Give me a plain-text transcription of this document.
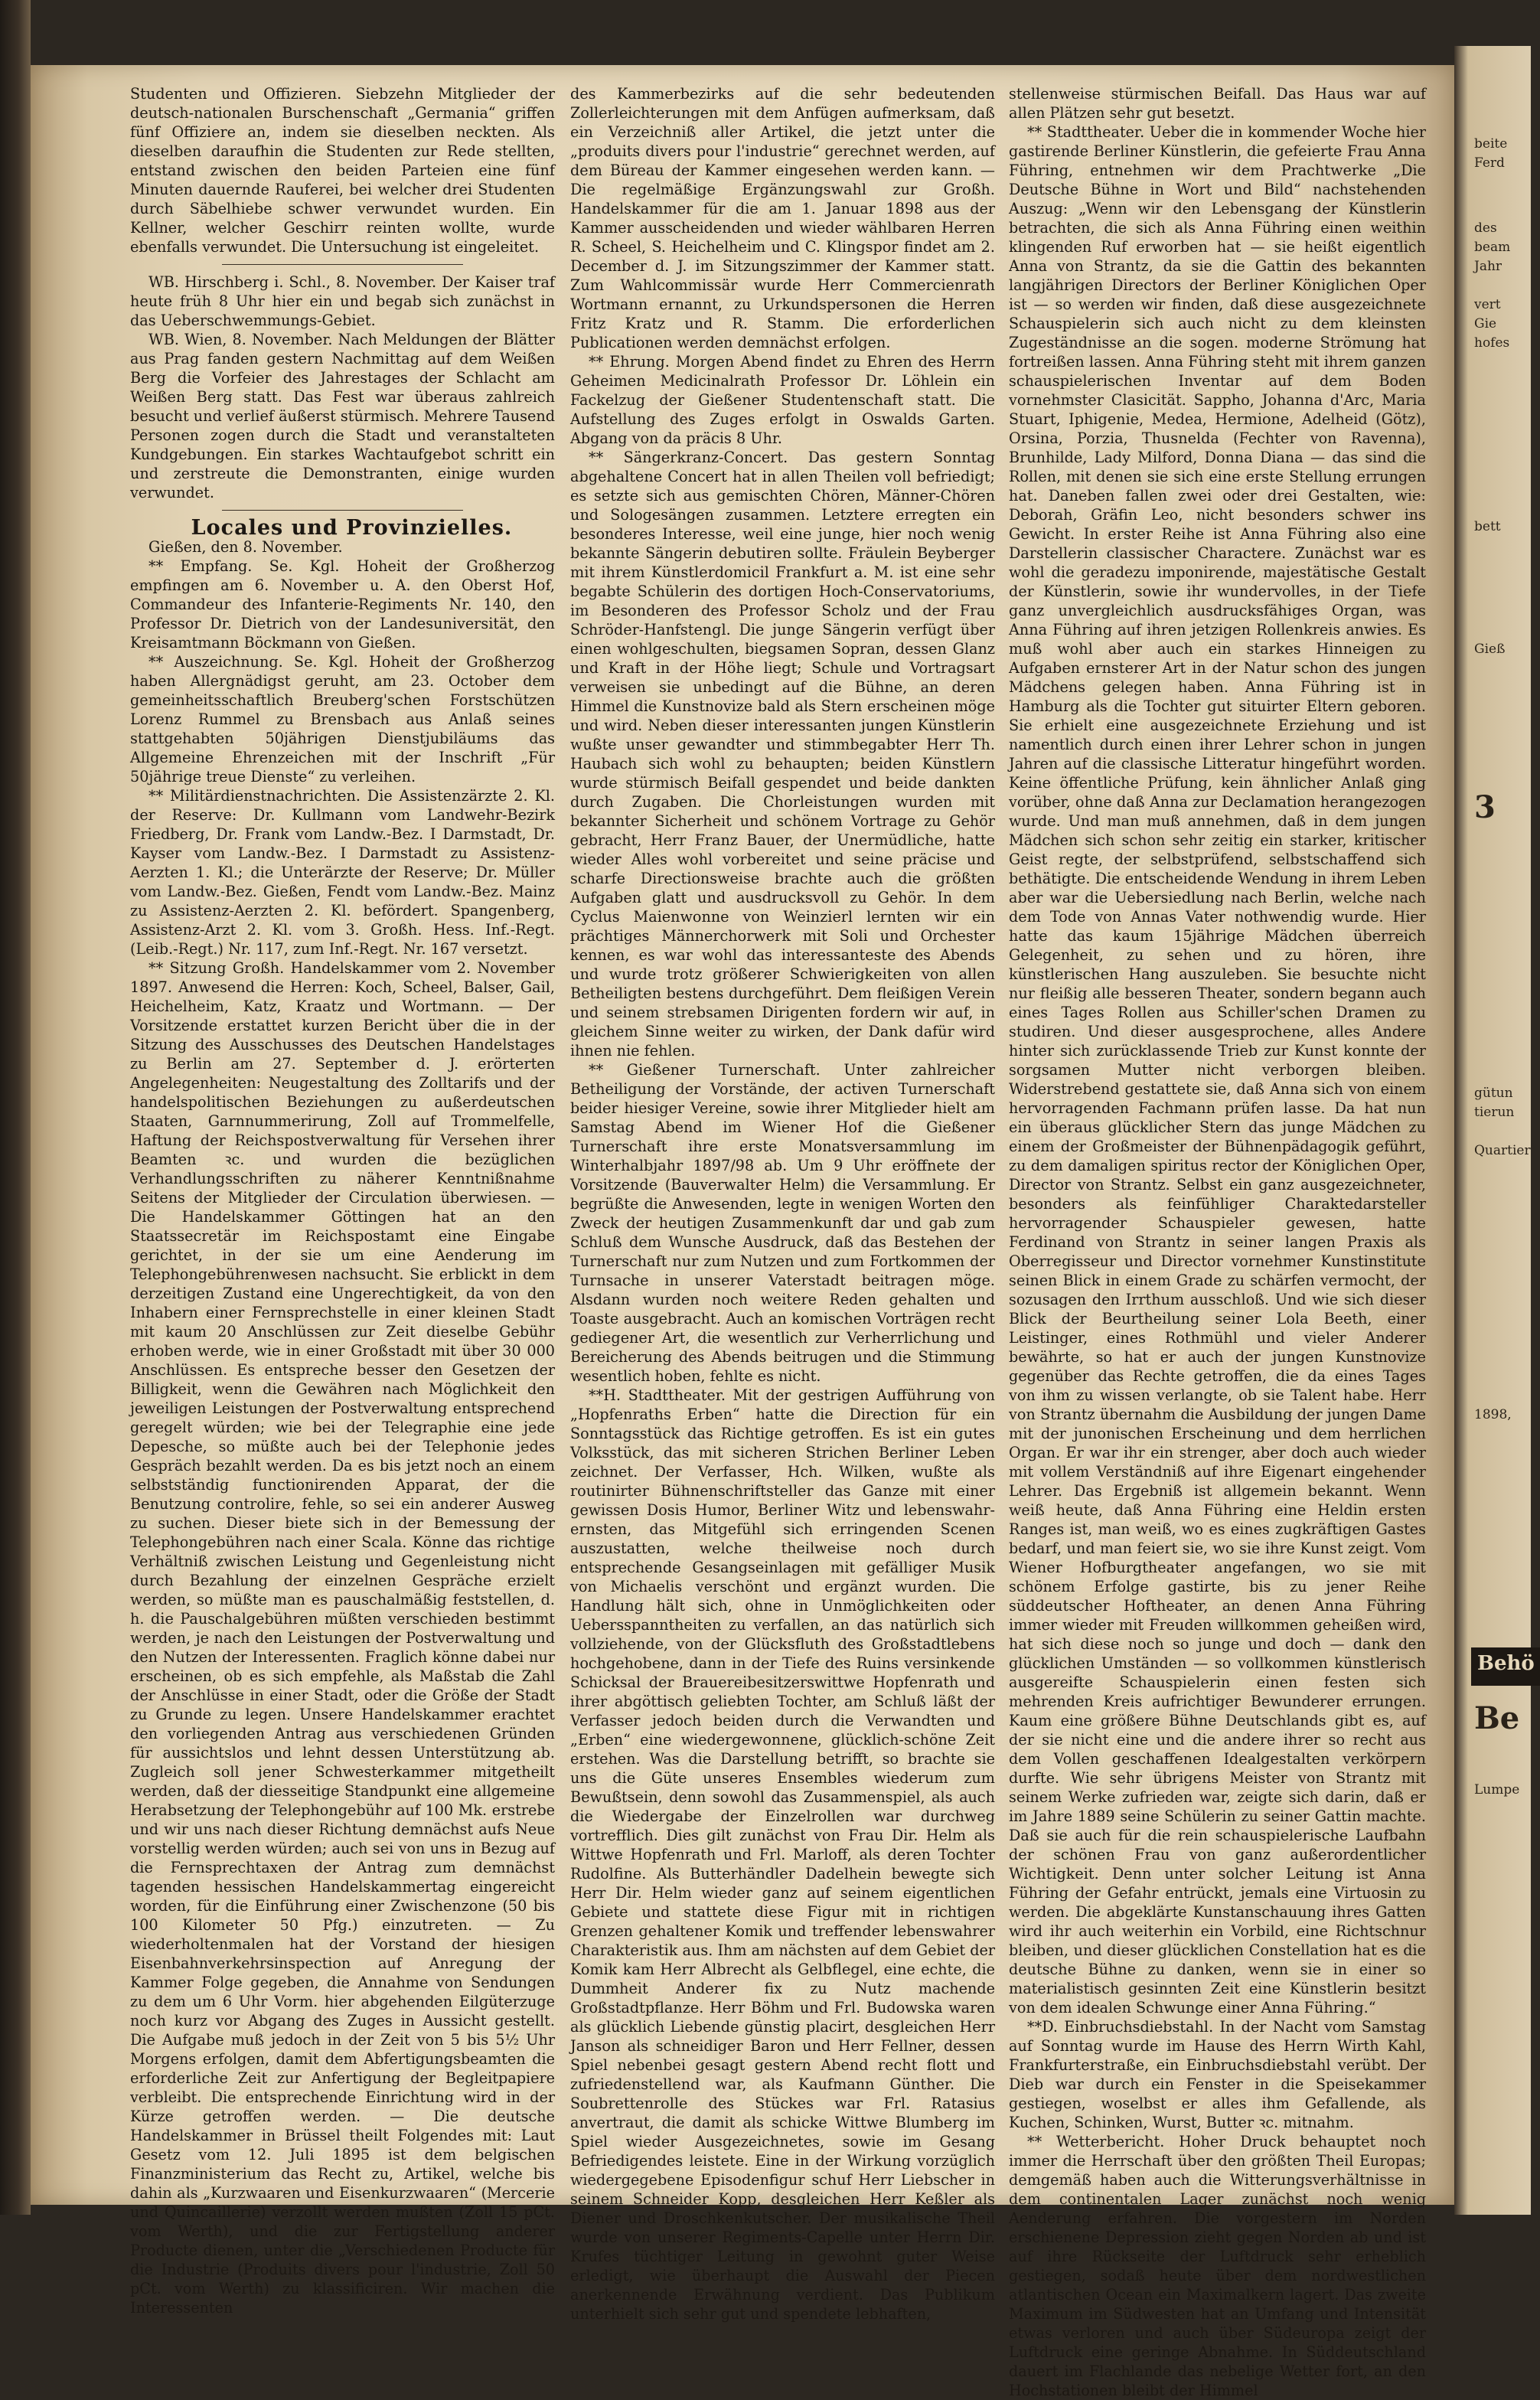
Studenten und Offizieren. Siebzehn Mitglieder der deutsch-nationalen Burschenschaft „Germania“ griffen fünf Offiziere an, indem sie dieselben neckten. Als dieselben daraufhin die Studenten zur Rede stellten, entstand zwischen den beiden Parteien eine fünf Minuten dauernde Rauferei, bei welcher drei Studenten durch Säbelhiebe schwer verwundet wurden. Ein Kellner, welcher Geschirr reinten wollte, wurde ebenfalls verwundet. Die Untersuchung ist eingeleitet.

WB. Hirschberg i. Schl., 8. November. Der Kaiser traf heute früh 8 Uhr hier ein und begab sich zunächst in das Ueberschwemmungs-Gebiet.

WB. Wien, 8. November. Nach Meldungen der Blätter aus Prag fanden gestern Nachmittag auf dem Weißen Berg die Vorfeier des Jahrestages der Schlacht am Weißen Berg statt. Das Fest war überaus zahlreich besucht und verlief äußerst stürmisch. Mehrere Tausend Personen zogen durch die Stadt und veranstalteten Kundgebungen. Ein starkes Wachtaufgebot schritt ein und zerstreute die Demonstranten, einige wurden verwundet.

Locales und Provinzielles.

Gießen, den 8. November.

** Empfang. Se. Kgl. Hoheit der Großherzog empfingen am 6. November u. A. den Oberst Hof, Commandeur des Infanterie-Regiments Nr. 140, den Professor Dr. Dietrich von der Landesuniversität, den Kreisamtmann Böckmann von Gießen.

** Auszeichnung. Se. Kgl. Hoheit der Großherzog haben Allergnädigst geruht, am 23. October dem gemeinheitsschaftlich Breuberg'schen Forstschützen Lorenz Rummel zu Brensbach aus Anlaß seines stattgehabten 50jährigen Dienstjubiläums das Allgemeine Ehrenzeichen mit der Inschrift „Für 50jährige treue Dienste“ zu verleihen.

** Militärdienstnachrichten. Die Assistenzärzte 2. Kl. der Reserve: Dr. Kullmann vom Landwehr-Bezirk Friedberg, Dr. Frank vom Landw.-Bez. I Darmstadt, Dr. Kayser vom Landw.-Bez. I Darmstadt zu Assistenz-Aerzten 1. Kl.; die Unterärzte der Reserve; Dr. Müller vom Landw.-Bez. Gießen, Fendt vom Landw.-Bez. Mainz zu Assistenz-Aerzten 2. Kl. befördert. Spangenberg, Assistenz-Arzt 2. Kl. vom 3. Großh. Hess. Inf.-Regt. (Leib.-Regt.) Nr. 117, zum Inf.-Regt. Nr. 167 versetzt.

** Sitzung Großh. Handelskammer vom 2. November 1897. Anwesend die Herren: Koch, Scheel, Balser, Gail, Heichelheim, Katz, Kraatz und Wortmann. — Der Vorsitzende erstattet kurzen Bericht über die in der Sitzung des Ausschusses des Deutschen Handelstages zu Berlin am 27. September d. J. erörterten Angelegenheiten: Neugestaltung des Zolltarifs und der handelspolitischen Beziehungen zu außerdeutschen Staaten, Garnnummerirung, Zoll auf Trommelfelle, Haftung der Reichspostverwaltung für Versehen ihrer Beamten ꝛc. und wurden die bezüglichen Verhandlungsschriften zu näherer Kenntnißnahme Seitens der Mitglieder der Circulation überwiesen. — Die Handelskammer Göttingen hat an den Staatssecretär im Reichspostamt eine Eingabe gerichtet, in der sie um eine Aenderung im Telephongebührenwesen nachsucht. Sie erblickt in dem derzeitigen Zustand eine Ungerechtigkeit, da von den Inhabern einer Fernsprechstelle in einer kleinen Stadt mit kaum 20 Anschlüssen zur Zeit dieselbe Gebühr erhoben werde, wie in einer Großstadt mit über 30 000 Anschlüssen. Es entspreche besser den Gesetzen der Billigkeit, wenn die Gewähren nach Möglichkeit den jeweiligen Leistungen der Postverwaltung entsprechend geregelt würden; wie bei der Telegraphie eine jede Depesche, so müßte auch bei der Telephonie jedes Gespräch bezahlt werden. Da es bis jetzt noch an einem selbstständig functionirenden Apparat, der die Benutzung controlire, fehle, so sei ein anderer Ausweg zu suchen. Dieser biete sich in der Bemessung der Telephongebühren nach einer Scala. Könne das richtige Verhältniß zwischen Leistung und Gegenleistung nicht durch Bezahlung der einzelnen Gespräche erzielt werden, so müßte man es pauschalmäßig feststellen, d. h. die Pauschalgebühren müßten verschieden bestimmt werden, je nach den Leistungen der Postverwaltung und den Nutzen der Interessenten. Fraglich könne dabei nur erscheinen, ob es sich empfehle, als Maßstab die Zahl der Anschlüsse in einer Stadt, oder die Größe der Stadt zu Grunde zu legen. Unsere Handelskammer erachtet den vorliegenden Antrag aus verschiedenen Gründen für aussichtslos und lehnt dessen Unterstützung ab. Zugleich soll jener Schwesterkammer mitgetheilt werden, daß der diesseitige Standpunkt eine allgemeine Herabsetzung der Telephongebühr auf 100 Mk. erstrebe und wir uns nach dieser Richtung demnächst aufs Neue vorstellig werden würden; auch sei von uns in Bezug auf die Fernsprechtaxen der Antrag zum demnächst tagenden hessischen Handelskammertag eingereicht worden, für die Einführung einer Zwischenzone (50 bis 100 Kilometer 50 Pfg.) einzutreten. — Zu wiederholtenmalen hat der Vorstand der hiesigen Eisenbahnverkehrsinspection auf Anregung der Kammer Folge gegeben, die Annahme von Sendungen zu dem um 6 Uhr Vorm. hier abgehenden Eilgüterzuge noch kurz vor Abgang des Zuges in Aussicht gestellt. Die Aufgabe muß jedoch in der Zeit von 5 bis 5½ Uhr Morgens erfolgen, damit dem Abfertigungsbeamten die erforderliche Zeit zur Anfertigung der Begleitpapiere verbleibt. Die entsprechende Einrichtung wird in der Kürze getroffen werden. — Die deutsche Handelskammer in Brüssel theilt Folgendes mit: Laut Gesetz vom 12. Juli 1895 ist dem belgischen Finanzministerium das Recht zu, Artikel, welche bis dahin als „Kurzwaaren und Eisenkurzwaaren“ (Mercerie und Quincaillerie) verzollt werden mußten (Zoll 15 pCt. vom Werth), und die zur Fertigstellung anderer Producte dienen, unter die „Verschiedenen Producte für die Industrie (Produits divers pour l'industrie, Zoll 50 pCt. vom Werth) zu klassificiren. Wir machen die Interessenten

des Kammerbezirks auf die sehr bedeutenden Zollerleichterungen mit dem Anfügen aufmerksam, daß ein Verzeichniß aller Artikel, die jetzt unter die „produits divers pour l'industrie“ gerechnet werden, auf dem Büreau der Kammer eingesehen werden kann. — Die regelmäßige Ergänzungswahl zur Großh. Handelskammer für die am 1. Januar 1898 aus der Kammer ausscheidenden und wieder wählbaren Herren R. Scheel, S. Heichelheim und C. Klingspor findet am 2. December d. J. im Sitzungszimmer der Kammer statt. Zum Wahlcommissär wurde Herr Commercienrath Wortmann ernannt, zu Urkundspersonen die Herren Fritz Kratz und R. Stamm. Die erforderlichen Publicationen werden demnächst erfolgen.

** Ehrung. Morgen Abend findet zu Ehren des Herrn Geheimen Medicinalrath Professor Dr. Löhlein ein Fackelzug der Gießener Studentenschaft statt. Die Aufstellung des Zuges erfolgt in Oswalds Garten. Abgang von da präcis 8 Uhr.

** Sängerkranz-Concert. Das gestern Sonntag abgehaltene Concert hat in allen Theilen voll befriedigt; es setzte sich aus gemischten Chören, Männer-Chören und Sologesängen zusammen. Letztere erregten ein besonderes Interesse, weil eine junge, hier noch wenig bekannte Sängerin debutiren sollte. Fräulein Beyberger mit ihrem Künstlerdomicil Frankfurt a. M. ist eine sehr begabte Schülerin des dortigen Hoch-Conservatoriums, im Besonderen des Professor Scholz und der Frau Schröder-Hanfstengl. Die junge Sängerin verfügt über einen wohlgeschulten, biegsamen Sopran, dessen Glanz und Kraft in der Höhe liegt; Schule und Vortragsart verweisen sie unbedingt auf die Bühne, an deren Himmel die Kunstnovize bald als Stern erscheinen möge und wird. Neben dieser interessanten jungen Künstlerin wußte unser gewandter und stimmbegabter Herr Th. Haubach sich wohl zu behaupten; beiden Künstlern wurde stürmisch Beifall gespendet und beide dankten durch Zugaben. Die Chorleistungen wurden mit bekannter Sicherheit und schönem Vortrage zu Gehör gebracht, Herr Franz Bauer, der Unermüdliche, hatte wieder Alles wohl vorbereitet und seine präcise und scharfe Directionsweise brachte auch die größten Aufgaben glatt und ausdrucksvoll zu Gehör. In dem Cyclus Maienwonne von Weinzierl lernten wir ein prächtiges Männerchorwerk mit Soli und Orchester kennen, es war wohl das interessanteste des Abends und wurde trotz größerer Schwierigkeiten von allen Betheiligten bestens durchgeführt. Dem fleißigen Verein und seinem strebsamen Dirigenten fordern wir auf, in gleichem Sinne weiter zu wirken, der Dank dafür wird ihnen nie fehlen.

** Gießener Turnerschaft. Unter zahlreicher Betheiligung der Vorstände, der activen Turnerschaft beider hiesiger Vereine, sowie ihrer Mitglieder hielt am Samstag Abend im Wiener Hof die Gießener Turnerschaft ihre erste Monatsversammlung im Winterhalbjahr 1897/98 ab. Um 9 Uhr eröffnete der Vorsitzende (Bauverwalter Helm) die Versammlung. Er begrüßte die Anwesenden, legte in wenigen Worten den Zweck der heutigen Zusammenkunft dar und gab zum Schluß dem Wunsche Ausdruck, daß das Bestehen der Turnerschaft nur zum Nutzen und zum Fortkommen der Turnsache in unserer Vaterstadt beitragen möge. Alsdann wurden noch weitere Reden gehalten und Toaste ausgebracht. Auch an komischen Vorträgen recht gediegener Art, die wesentlich zur Verherrlichung und Bereicherung des Abends beitrugen und die Stimmung wesentlich hoben, fehlte es nicht.

**H. Stadttheater. Mit der gestrigen Aufführung von „Hopfenraths Erben“ hatte die Direction für ein Sonntagsstück das Richtige getroffen. Es ist ein gutes Volksstück, das mit sicheren Strichen Berliner Leben zeichnet. Der Verfasser, Hch. Wilken, wußte als routinirter Bühnenschriftsteller das Ganze mit einer gewissen Dosis Humor, Berliner Witz und lebenswahr-ernsten, das Mitgefühl sich erringenden Scenen auszustatten, welche theilweise noch durch entsprechende Gesangseinlagen mit gefälliger Musik von Michaelis verschönt und ergänzt wurden. Die Handlung hält sich, ohne in Unmöglichkeiten oder Uebersspanntheiten zu verfallen, an das natürlich sich vollziehende, von der Glücksfluth des Großstadtlebens hochgehobene, dann in der Tiefe des Ruins versinkende Schicksal der Brauereibesitzerswittwe Hopfenrath und ihrer abgöttisch geliebten Tochter, am Schluß läßt der Verfasser jedoch beiden durch die Verwandten und „Erben“ eine wiedergewonnene, glücklich-schöne Zeit erstehen. Was die Darstellung betrifft, so brachte sie uns die Güte unseres Ensembles wiederum zum Bewußtsein, denn sowohl das Zusammenspiel, als auch die Wiedergabe der Einzelrollen war durchweg vortrefflich. Dies gilt zunächst von Frau Dir. Helm als Wittwe Hopfenrath und Frl. Marloff, als deren Tochter Rudolfine. Als Butterhändler Dadelhein bewegte sich Herr Dir. Helm wieder ganz auf seinem eigentlichen Gebiete und stattete diese Figur mit in richtigen Grenzen gehaltener Komik und treffender lebenswahrer Charakteristik aus. Ihm am nächsten auf dem Gebiet der Komik kam Herr Albrecht als Gelbflegel, eine echte, die Dummheit Anderer fix zu Nutz machende Großstadtpflanze. Herr Böhm und Frl. Budowska waren als glücklich Liebende günstig placirt, desgleichen Herr Janson als schneidiger Baron und Herr Fellner, dessen Spiel nebenbei gesagt gestern Abend recht flott und zufriedenstellend war, als Kaufmann Günther. Die Soubrettenrolle des Stückes war Frl. Ratasius anvertraut, die damit als schicke Wittwe Blumberg im Spiel wieder Ausgezeichnetes, sowie im Gesang Befriedigendes leistete. Eine in der Wirkung vorzüglich wiedergegebene Episodenfigur schuf Herr Liebscher in seinem Schneider Kopp, desgleichen Herr Keßler als Diener und Droschkenkutscher. Der musikalische Theil wurde von unserer Regiments-Capelle unter Herrn Dir. Krufes tüchtiger Leitung in gewohnt guter Weise erledigt, wie überhaupt die Auswahl der Piecen anerkennende Erwähnung verdient. Das Publikum unterhielt sich sehr gut und spendete lebhaften,

stellenweise stürmischen Beifall. Das Haus war auf allen Plätzen sehr gut besetzt.

** Stadttheater. Ueber die in kommender Woche hier gastirende Berliner Künstlerin, die gefeierte Frau Anna Führing, entnehmen wir dem Prachtwerke „Die Deutsche Bühne in Wort und Bild“ nachstehenden Auszug: „Wenn wir den Lebensgang der Künstlerin betrachten, die sich als Anna Führing einen weithin klingenden Ruf erworben hat — sie heißt eigentlich Anna von Strantz, da sie die Gattin des bekannten langjährigen Directors der Berliner Königlichen Oper ist — so werden wir finden, daß diese ausgezeichnete Schauspielerin sich auch nicht zu dem kleinsten Zugeständnisse an die sogen. moderne Strömung hat fortreißen lassen. Anna Führing steht mit ihrem ganzen schauspielerischen Inventar auf dem Boden vornehmster Clasicität. Sappho, Johanna d'Arc, Maria Stuart, Iphigenie, Medea, Hermione, Adelheid (Götz), Orsina, Porzia, Thusnelda (Fechter von Ravenna), Brunhilde, Lady Milford, Donna Diana — das sind die Rollen, mit denen sie sich eine erste Stellung errungen hat. Daneben fallen zwei oder drei Gestalten, wie: Deborah, Gräfin Leo, nicht besonders schwer ins Gewicht. In erster Reihe ist Anna Führing also eine Darstellerin classischer Charactere. Zunächst war es wohl die geradezu imponirende, majestätische Gestalt der Künstlerin, sowie ihr wundervolles, in der Tiefe ganz unvergleichlich ausdrucksfähiges Organ, was Anna Führing auf ihren jetzigen Rollenkreis anwies. Es muß wohl aber auch ein starkes Hinneigen zu Aufgaben ernsterer Art in der Natur schon des jungen Mädchens gelegen haben. Anna Führing ist in Hamburg als die Tochter gut situirter Eltern geboren. Sie erhielt eine ausgezeichnete Erziehung und ist namentlich durch einen ihrer Lehrer schon in jungen Jahren auf die classische Litteratur hingeführt worden. Keine öffentliche Prüfung, kein ähnlicher Anlaß ging vorüber, ohne daß Anna zur Declamation herangezogen wurde. Und man muß annehmen, daß in dem jungen Mädchen sich schon sehr zeitig ein starker, kritischer Geist regte, der selbstprüfend, selbstschaffend sich bethätigte. Die entscheidende Wendung in ihrem Leben aber war die Uebersiedlung nach Berlin, welche nach dem Tode von Annas Vater nothwendig wurde. Hier hatte das kaum 15jährige Mädchen überreich Gelegenheit, zu sehen und zu hören, ihre künstlerischen Hang auszuleben. Sie besuchte nicht nur fleißig alle besseren Theater, sondern begann auch eines Tages Rollen aus Schiller'schen Dramen zu studiren. Und dieser ausgesprochene, alles Andere hinter sich zurücklassende Trieb zur Kunst konnte der sorgsamen Mutter nicht verborgen bleiben. Widerstrebend gestattete sie, daß Anna sich von einem hervorragenden Fachmann prüfen lasse. Da hat nun ein überaus glücklicher Stern das junge Mädchen zu einem der Großmeister der Bühnenpädagogik geführt, zu dem damaligen spiritus rector der Königlichen Oper, Director von Strantz. Selbst ein ganz ausgezeichneter, besonders als feinfühliger Charaktedarsteller hervorragender Schauspieler gewesen, hatte Ferdinand von Strantz in seiner langen Praxis als Oberregisseur und Director vornehmer Kunstinstitute seinen Blick in einem Grade zu schärfen vermocht, der sozusagen den Irrthum ausschloß. Und wie sich dieser Blick der Beurtheilung seiner Lola Beeth, einer Leistinger, eines Rothmühl und vieler Anderer bewährte, so hat er auch der jungen Kunstnovize gegenüber das Rechte getroffen, die da eines Tages von ihm zu wissen verlangte, ob sie Talent habe. Herr von Strantz übernahm die Ausbildung der jungen Dame mit der junonischen Erscheinung und dem herrlichen Organ. Er war ihr ein strenger, aber doch auch wieder mit vollem Verständniß auf ihre Eigenart eingehender Lehrer. Das Ergebniß ist allgemein bekannt. Wenn weiß heute, daß Anna Führing eine Heldin ersten Ranges ist, man weiß, wo es eines zugkräftigen Gastes bedarf, und man feiert sie, wo sie ihre Kunst zeigt. Vom Wiener Hofburgtheater angefangen, wo sie mit schönem Erfolge gastirte, bis zu jener Reihe süddeutscher Hoftheater, an denen Anna Führing immer wieder mit Freuden willkommen geheißen wird, hat sich diese noch so junge und doch — dank den glücklichen Umständen — so vollkommen künstlerisch ausgereifte Schauspielerin einen festen sich mehrenden Kreis aufrichtiger Bewunderer errungen. Kaum eine größere Bühne Deutschlands gibt es, auf der sie nicht eine und die andere ihrer so recht aus dem Vollen geschaffenen Idealgestalten verkörpern durfte. Wie sehr übrigens Meister von Strantz mit seinem Werke zufrieden war, zeigte sich darin, daß er im Jahre 1889 seine Schülerin zu seiner Gattin machte. Daß sie auch für die rein schauspielerische Laufbahn der schönen Frau von ganz außerordentlicher Wichtigkeit. Denn unter solcher Leitung ist Anna Führing der Gefahr entrückt, jemals eine Virtuosin zu werden. Die abgeklärte Kunstanschauung ihres Gatten wird ihr auch weiterhin ein Vorbild, eine Richtschnur bleiben, und dieser glücklichen Constellation hat es die deutsche Bühne zu danken, wenn sie in einer so materialistisch gesinnten Zeit eine Künstlerin besitzt von dem idealen Schwunge einer Anna Führing.“

**D. Einbruchsdiebstahl. In der Nacht vom Samstag auf Sonntag wurde im Hause des Herrn Wirth Kahl, Frankfurterstraße, ein Einbruchsdiebstahl verübt. Der Dieb war durch ein Fenster in die Speisekammer gestiegen, woselbst er alles ihm Gefallende, als Kuchen, Schinken, Wurst, Butter ꝛc. mitnahm.

** Wetterbericht. Hoher Druck behauptet noch immer die Herrschaft über den größten Theil Europas; demgemäß haben auch die Witterungsverhältnisse in dem continentalen Lager zunächst noch wenig Aenderung erfahren. Die vorgestern im Norden erschienene Depression zieht gegen Norden ab und ist auf ihre Rückseite der Luftdruck sehr erheblich gestiegen, sodaß heute über dem nordwestlichen atlantischen Ocean ein Maximalkern lagert. Das zweite Maximum im Südwesten hat an Umfang und Intensität etwas verloren und auch über Südeuropa zeigt der Luftdruck eine geringe Abnahme. In Süddeutschland dauert im Flachlande das nebelige Wetter fort, an den Hochstationen bleibt der Himmel

beite
Ferd
des
beam
Jahr
vert
Gie
hofes
bett
Gieß
3
gütun
tierun
Quartier
1898,
Behö
Be
Lumpe
